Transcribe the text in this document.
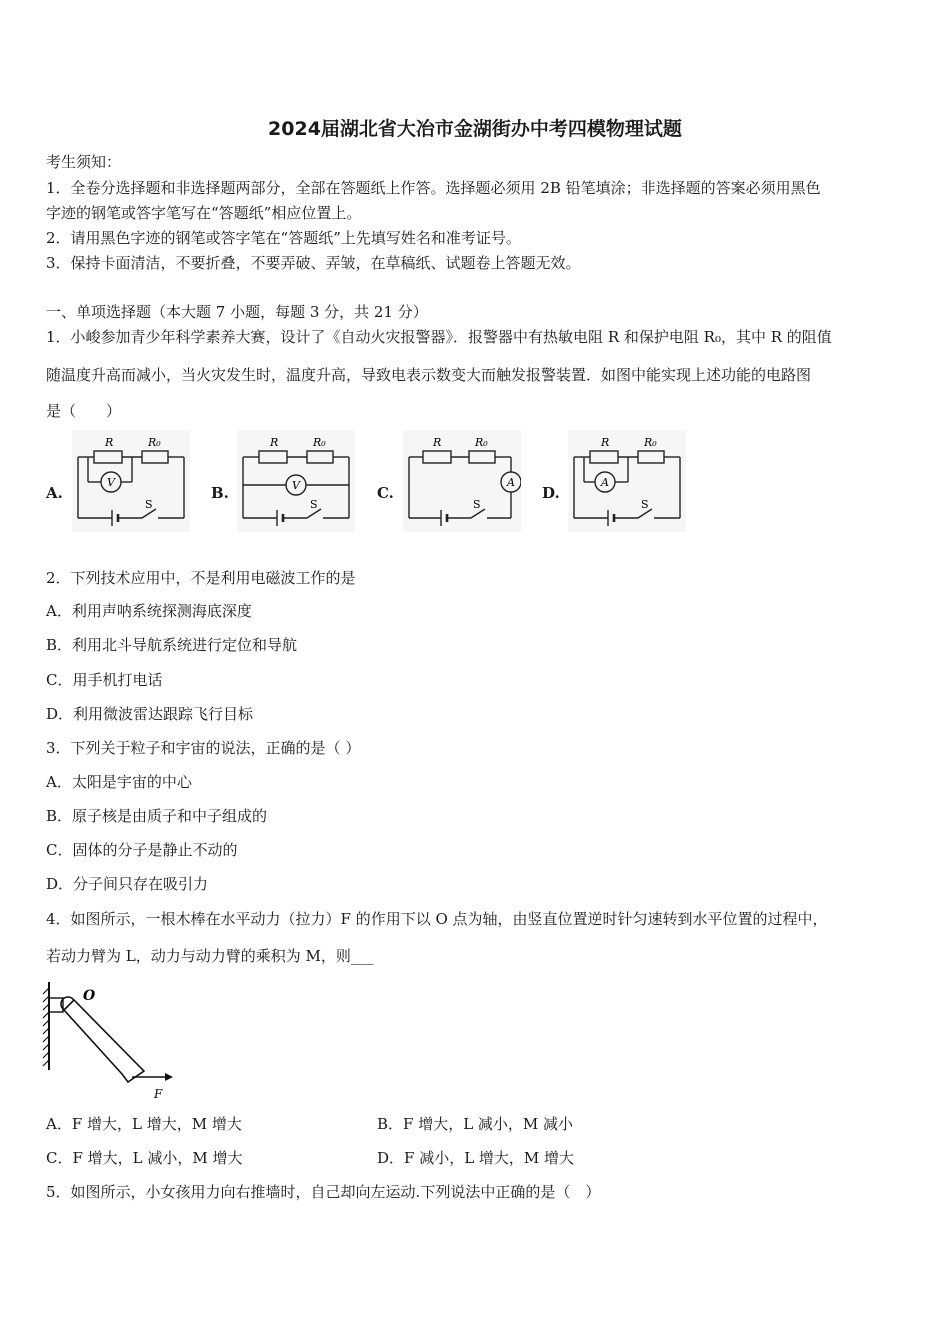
2024届湖北省大冶市金湖街办中考四模物理试题
考生须知：
1．全卷分选择题和非选择题两部分，全部在答题纸上作答。选择题必须用 2B 铅笔填涂；非选择题的答案必须用黑色
字迹的钢笔或答字笔写在“答题纸”相应位置上。
2．请用黑色字迹的钢笔或答字笔在“答题纸”上先填写姓名和准考证号。
3．保持卡面清洁，不要折叠，不要弄破、弄皱，在草稿纸、试题卷上答题无效。
一、单项选择题（本大题 7 小题，每题 3 分，共 21 分）
1．小峻参加青少年科学素养大赛，设计了《自动火灾报警器》．报警器中有热敏电阻 R 和保护电阻 R₀，其中 R 的阻值
随温度升高而减小，当火灾发生时，温度升高，导致电表示数变大而触发报警装置．如图中能实现上述功能的电路图
是（　　）
A.	B.	C.	D.
R	R₀
V
S
R	R₀
V
S
R	R₀
A
S
R	R₀
A
S
2．下列技术应用中，不是利用电磁波工作的是
A．利用声呐系统探测海底深度
B．利用北斗导航系统进行定位和导航
C．用手机打电话
D．利用微波雷达跟踪飞行目标
3．下列关于粒子和宇宙的说法，正确的是（ ）
A．太阳是宇宙的中心
B．原子核是由质子和中子组成的
C．固体的分子是静止不动的
D．分子间只存在吸引力
4．如图所示，一根木棒在水平动力（拉力）F 的作用下以 O 点为轴，由竖直位置逆时针匀速转到水平位置的过程中，
若动力臂为 L，动力与动力臂的乘积为 M，则___
O
F
A．F 增大，L 增大，M 增大	B．F 增大，L 减小，M 减小
C．F 增大，L 减小，M 增大	D．F 减小，L 增大，M 增大
5．如图所示，小女孩用力向右推墙时，自己却向左运动.下列说法中正确的是（　）
